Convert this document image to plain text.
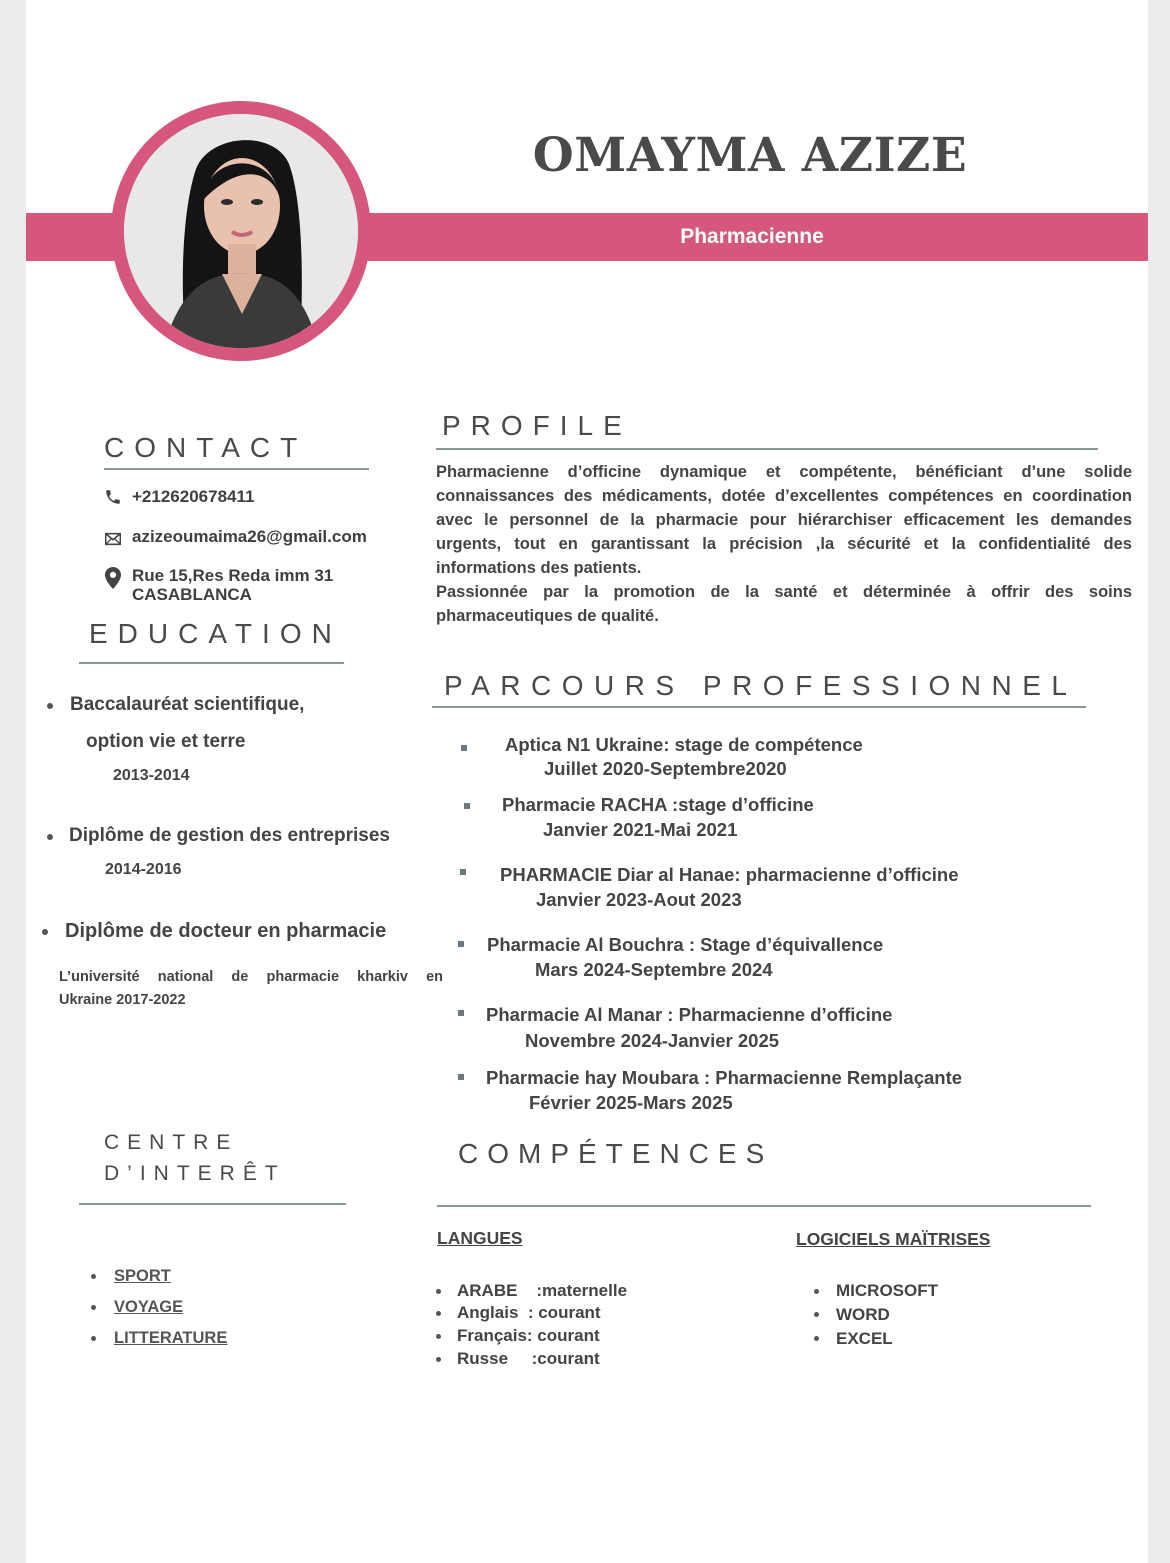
OMAYMA AZIZE
Pharmacienne
CONTACT
+212620678411
azizeoumaima26@gmail.com
Rue 15,Res Reda imm 31
CASABLANCA
EDUCATION
Baccalauréat scientifique,
option vie et terre
2013-2014
Diplôme de gestion des entreprises
2014-2016
Diplôme de docteur en pharmacie
L’université national de pharmacie kharkiv en
Ukraine 2017-2022
CENTRE
D’INTERÊT
SPORT
VOYAGE
LITTERATURE
PROFILE

Pharmacienne d’officine dynamique et compétente, bénéficiant d’une solide connaissances des médicaments, dotée d’excellentes compétences en coordination avec le personnel de la pharmacie pour hiérarchiser efficacement les demandes urgents, tout en garantissant la précision ,la sécurité et la confidentialité des informations des patients.

Passionnée par la promotion de la santé et déterminée à offrir des soins pharmaceutiques de qualité.

PARCOURS PROFESSIONNEL
Aptica N1 Ukraine: stage de compétence
Juillet 2020-Septembre2020
Pharmacie RACHA :stage d’officine
Janvier 2021-Mai 2021
PHARMACIE Diar al Hanae: pharmacienne d’officine
Janvier 2023-Aout 2023
Pharmacie Al Bouchra : Stage d’équivallence
Mars 2024-Septembre 2024
Pharmacie Al Manar : Pharmacienne d’officine
Novembre 2024-Janvier 2025
Pharmacie hay Moubara : Pharmacienne Remplaçante
Février 2025-Mars 2025
COMPÉTENCES
LANGUES
ARABE    :maternelle
Anglais  : courant
Français: courant
Russe     :courant
LOGICIELS MAÏTRISES
MICROSOFT
WORD
EXCEL
